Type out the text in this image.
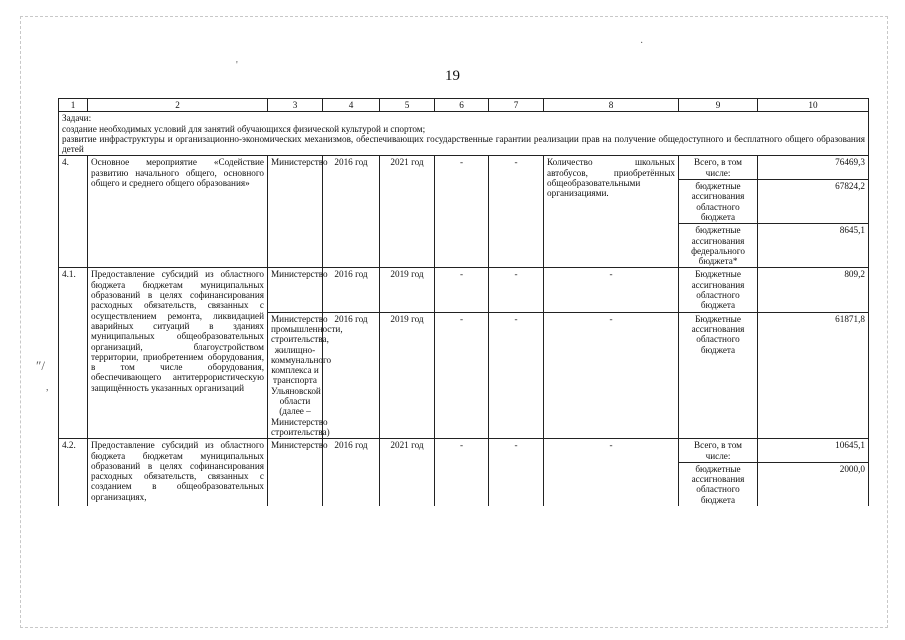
19
'
″/
,
·
1	2	3	4	5	6	7	8	9	10

Задачи:
создание необходимых условий для занятий обучающихся физической культурой и спортом;
развитие инфраструктуры и организационно-экономических механизмов, обеспечивающих государственные гарантии реализации прав на получение общедоступного и бесплатного общего образования детей									

4.	Основное мероприятие «Содействие развитию начального общего, основного общего и среднего общего образования»	Министерство	2016 год	2021 год	-	-	Количество школьных автобусов, приобретённых общеобразовательными организациями.	Всего, в том числе:	76469,3
								бюджетные ассигнования областного бюджета	67824,2
								бюджетные ассигнования федерального бюджета*	8645,1
4.1.	Предоставление субсидий из областного бюджета бюджетам муниципальных образований в целях софинансирования расходных обязательств, связанных с осуществлением ремонта, ликвидацией аварийных ситуаций в зданиях муниципальных общеобразовательных организаций, благоустройством территории, приобретением оборудования, в том числе оборудования, обеспечивающего антитеррористическую защищённость указанных организаций	Министерство	2016 год	2019 год	-	-	-	Бюджетные ассигнования областного бюджета	809,2
		Министерство промышленности, строительства, жилищно-коммунального комплекса и транспорта Ульяновской области (далее – Министерство строительства)	2016 год	2019 год	-	-	-	Бюджетные ассигнования областного бюджета	61871,8
4.2.	Предоставление субсидий из областного бюджета бюджетам муниципальных образований в целях софинансирования расходных обязательств, связанных с созданием в общеобразовательных организациях,	Министерство	2016 год	2021 год	-	-	-	Всего, в том числе:	10645,1
								бюджетные ассигнования областного бюджета	2000,0
